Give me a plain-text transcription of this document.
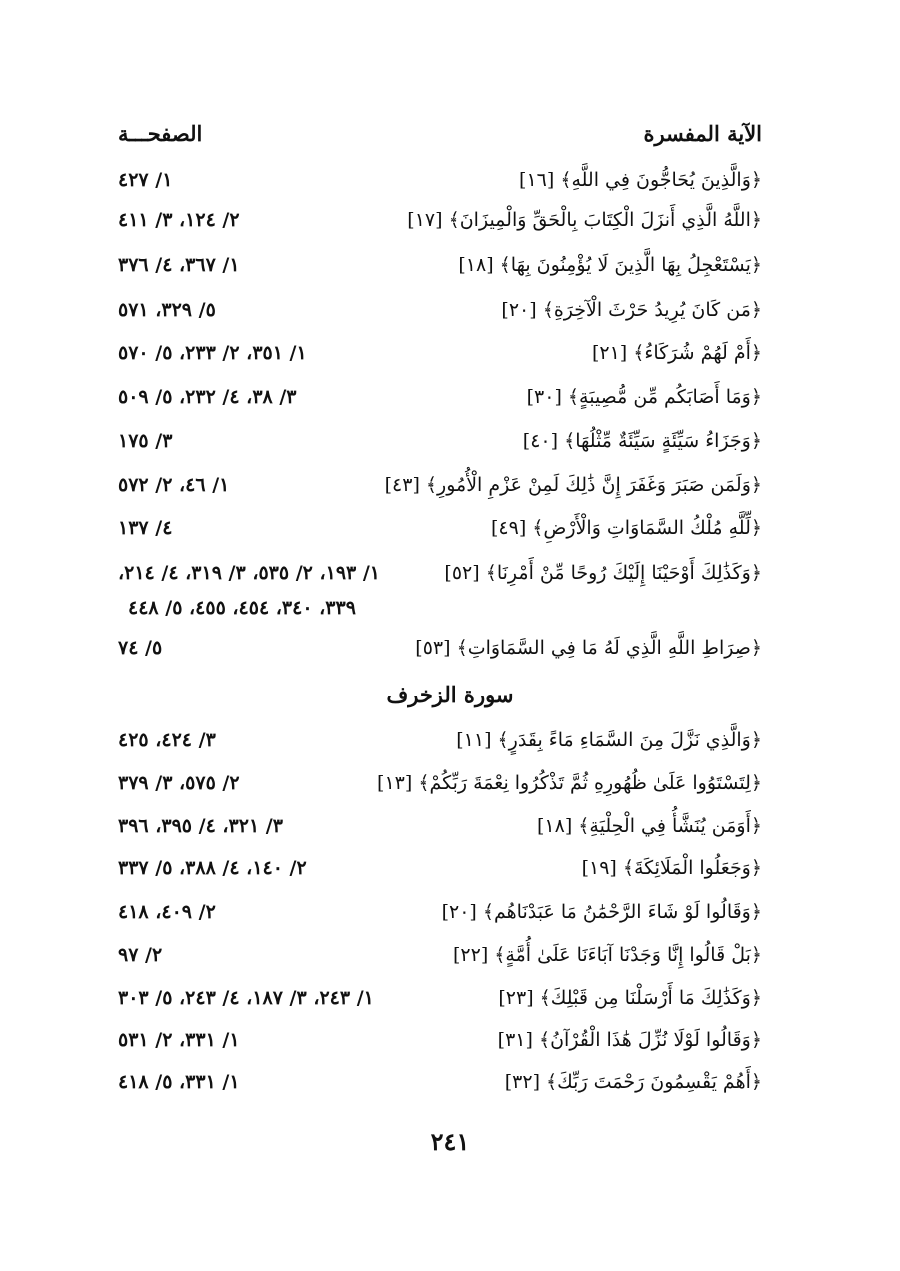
الآية المفسرة
الصفحـــة
﴿وَالَّذِينَ يُحَاجُّونَ فِي اللَّهِ﴾ [١٦]
١/ ٤٢٧
﴿اللَّهُ الَّذِي أَنزَلَ الْكِتَابَ بِالْحَقِّ وَالْمِيزَانَ﴾ [١٧]
٢/ ١٢٤، ٣/ ٤١١
﴿يَسْتَعْجِلُ بِهَا الَّذِينَ لَا يُؤْمِنُونَ بِهَا﴾ [١٨]
١/ ٣٦٧، ٤/ ٣٧٦
﴿مَن كَانَ يُرِيدُ حَرْثَ الْآخِرَةِ﴾ [٢٠]
٥/ ٣٢٩، ٥٧١
﴿أَمْ لَهُمْ شُرَكَاءُ﴾ [٢١]
١/ ٣٥١، ٢/ ٢٣٣، ٥/ ٥٧٠
﴿وَمَا أَصَابَكُم مِّن مُّصِيبَةٍ﴾ [٣٠]
٣/ ٣٨، ٤/ ٢٣٢، ٥/ ٥٠٩
﴿وَجَزَاءُ سَيِّئَةٍ سَيِّئَةٌ مِّثْلُهَا﴾ [٤٠]
٣/ ١٧٥
﴿وَلَمَن صَبَرَ وَغَفَرَ إِنَّ ذَٰلِكَ لَمِنْ عَزْمِ الْأُمُورِ﴾ [٤٣]
١/ ٤٦، ٢/ ٥٧٢
﴿لِّلَّهِ مُلْكُ السَّمَاوَاتِ وَالْأَرْضِ﴾ [٤٩]
٤/ ١٣٧
﴿وَكَذَٰلِكَ أَوْحَيْنَا إِلَيْكَ رُوحًا مِّنْ أَمْرِنَا﴾ [٥٢]
١/ ١٩٣، ٢/ ٥٣٥، ٣/ ٣١٩، ٤/ ٢١٤،
٣٣٩، ٣٤٠، ٤٥٤، ٤٥٥، ٥/ ٤٤٨
﴿صِرَاطِ اللَّهِ الَّذِي لَهُ مَا فِي السَّمَاوَاتِ﴾ [٥٣]
٥/ ٧٤
سورة الزخرف
﴿وَالَّذِي نَزَّلَ مِنَ السَّمَاءِ مَاءً بِقَدَرٍ﴾ [١١]
٣/ ٤٢٤، ٤٢٥
﴿لِتَسْتَوُوا عَلَىٰ ظُهُورِهِ ثُمَّ تَذْكُرُوا نِعْمَةَ رَبِّكُمْ﴾ [١٣]
٢/ ٥٧٥، ٣/ ٣٧٩
﴿أَوَمَن يُنَشَّأُ فِي الْحِلْيَةِ﴾ [١٨]
٣/ ٣٢١، ٤/ ٣٩٥، ٣٩٦
﴿وَجَعَلُوا الْمَلَائِكَةَ﴾ [١٩]
٢/ ١٤٠، ٤/ ٣٨٨، ٥/ ٣٣٧
﴿وَقَالُوا لَوْ شَاءَ الرَّحْمَٰنُ مَا عَبَدْنَاهُم﴾ [٢٠]
٢/ ٤٠٩، ٤١٨
﴿بَلْ قَالُوا إِنَّا وَجَدْنَا آبَاءَنَا عَلَىٰ أُمَّةٍ﴾ [٢٢]
٢/ ٩٧
﴿وَكَذَٰلِكَ مَا أَرْسَلْنَا مِن قَبْلِكَ﴾ [٢٣]
١/ ٢٤٣، ٣/ ١٨٧، ٤/ ٢٤٣، ٥/ ٣٠٣
﴿وَقَالُوا لَوْلَا نُزِّلَ هَٰذَا الْقُرْآنُ﴾ [٣١]
١/ ٣٣١، ٢/ ٥٣١
﴿أَهُمْ يَقْسِمُونَ رَحْمَتَ رَبِّكَ﴾ [٣٢]
١/ ٣٣١، ٥/ ٤١٨
٢٤١
